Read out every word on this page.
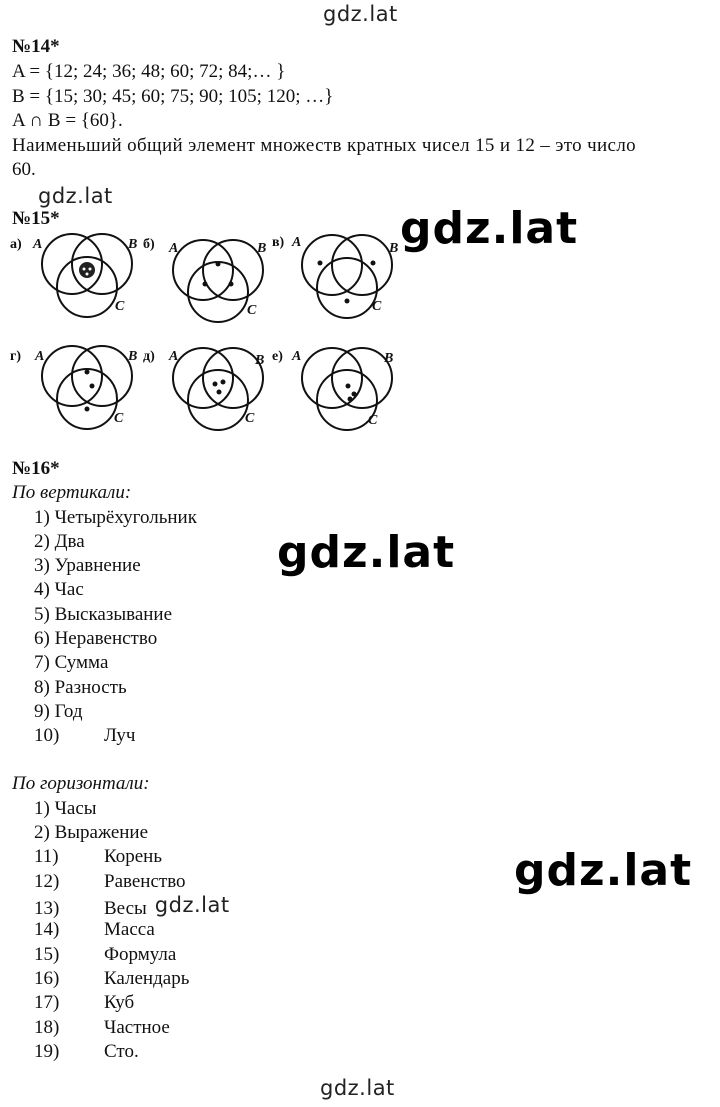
gdz.lat
gdz.lat
gdz.lat
gdz.lat
gdz.lat
gdz.lat
№14*
A = {12; 24; 36; 48; 60; 72; 84;… }
B = {15; 30; 45; 60; 75; 90; 105; 120; …}
A ∩ B = {60}.
Наименьший общий элемент множеств кратных чисел 15 и 12 – это число
60.
№15*
а) A	B
C
б) A	B
C
в) A	B
C
г) A	B
C
д) A	B
C
е) A	B
C
№16*
По вертикали:
1) Четырёхугольник
2) Два
3) Уравнение
4) Час
5) Высказывание
6) Неравенство
7) Сумма
8) Разность
9) Год
10) Луч
По горизонтали:
1) Часы
2) Выражение
11) Корень
12) Равенство
13) Весы gdz.lat
14) Масса
15) Формула
16) Календарь
17) Куб
18) Частное
19) Сто.
